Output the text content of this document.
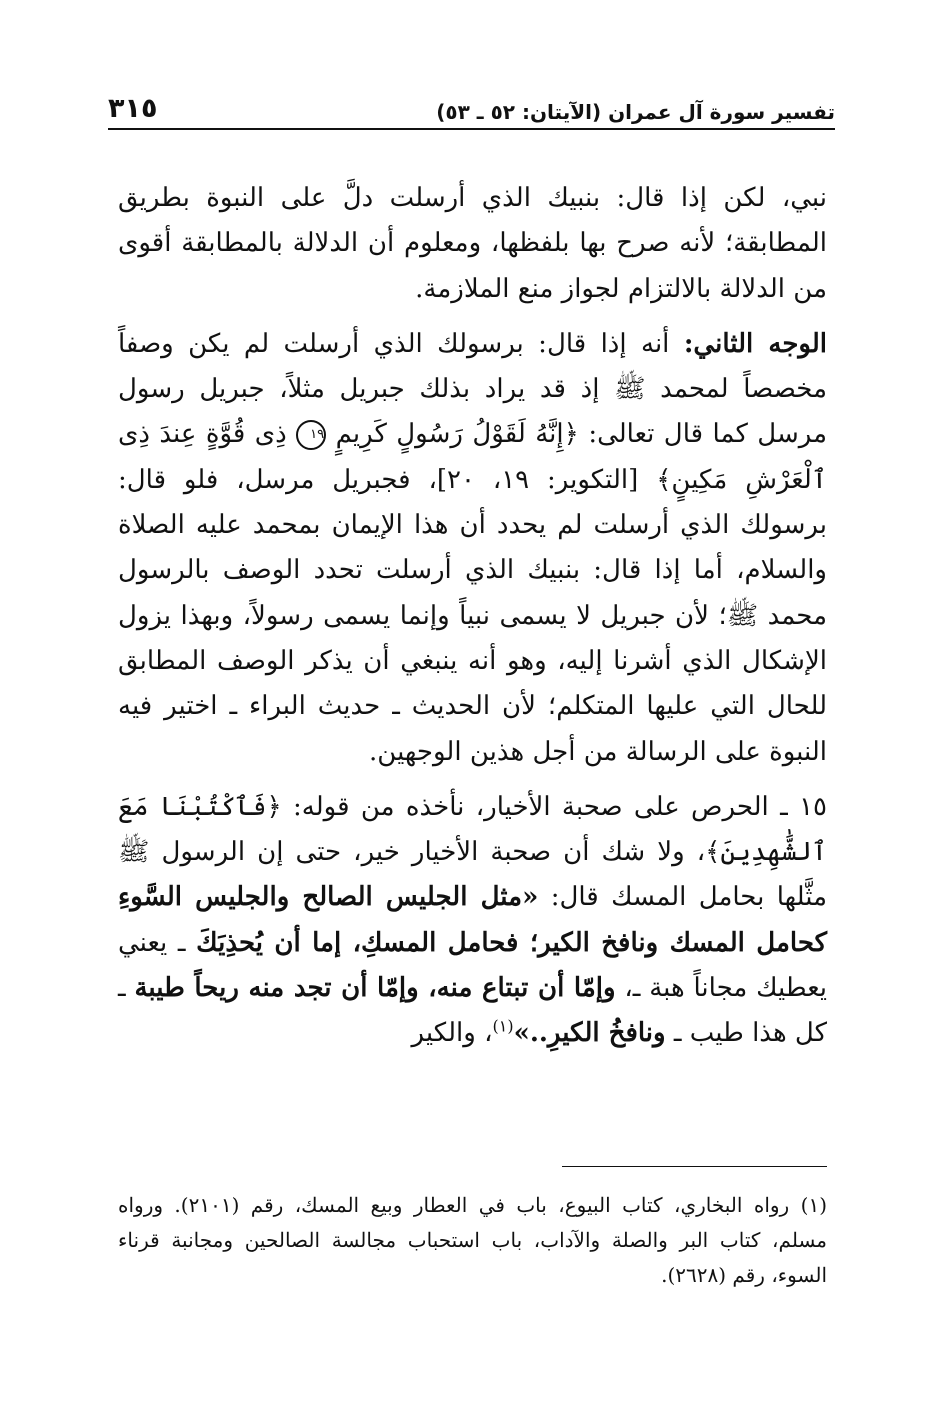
تفسير سورة آل عمران (الآيتان: ٥٢ ـ ٥٣)
٣١٥

نبي، لكن إذا قال: بنبيك الذي أرسلت دلَّ على النبوة بطريق المطابقة؛ لأنه صرح بها بلفظها، ومعلوم أن الدلالة بالمطابقة أقوى من الدلالة بالالتزام لجواز منع الملازمة.

الوجه الثاني: أنه إذا قال: برسولك الذي أرسلت لم يكن وصفاً مخصصاً لمحمد ﷺ إذ قد يراد بذلك جبريل مثلاً، جبريل رسول مرسل كما قال تعالى: ﴿إِنَّهُ لَقَوْلُ رَسُولٍ كَرِيمٍ ١٩ ذِى قُوَّةٍ عِندَ ذِى ٱلْعَرْشِ مَكِينٍ﴾ [التكوير: ١٩، ٢٠]، فجبريل مرسل، فلو قال: برسولك الذي أرسلت لم يحدد أن هذا الإيمان بمحمد عليه الصلاة والسلام، أما إذا قال: بنبيك الذي أرسلت تحدد الوصف بالرسول محمد ﷺ؛ لأن جبريل لا يسمى نبياً وإنما يسمى رسولاً، وبهذا يزول الإشكال الذي أشرنا إليه، وهو أنه ينبغي أن يذكر الوصف المطابق للحال التي عليها المتكلم؛ لأن الحديث ـ حديث البراء ـ اختير فيه النبوة على الرسالة من أجل هذين الوجهين.

١٥ ـ الحرص على صحبة الأخيار، نأخذه من قوله: ﴿فَٱكْتُبْنَا مَعَ ٱلشَّٰهِدِينَ﴾، ولا شك أن صحبة الأخيار خير، حتى إن الرسول ﷺ مثَّلها بحامل المسك قال: «مثل الجليس الصالح والجليس السَّوءِ كحامل المسك ونافخ الكير؛ فحامل المسكِ، إما أن يُحذِيَكَ ـ يعني يعطيك مجاناً هبة ـ، وإمّا أن تبتاع منه، وإمّا أن تجد منه ريحاً طيبة ـ كل هذا طيب ـ ونافخُ الكيرِ..»$^{(١)}$، والكير

(١) رواه البخاري، كتاب البيوع، باب في العطار وبيع المسك، رقم (٢١٠١). ورواه مسلم، كتاب البر والصلة والآداب، باب استحباب مجالسة الصالحين ومجانبة قرناء السوء، رقم (٢٦٢٨).
